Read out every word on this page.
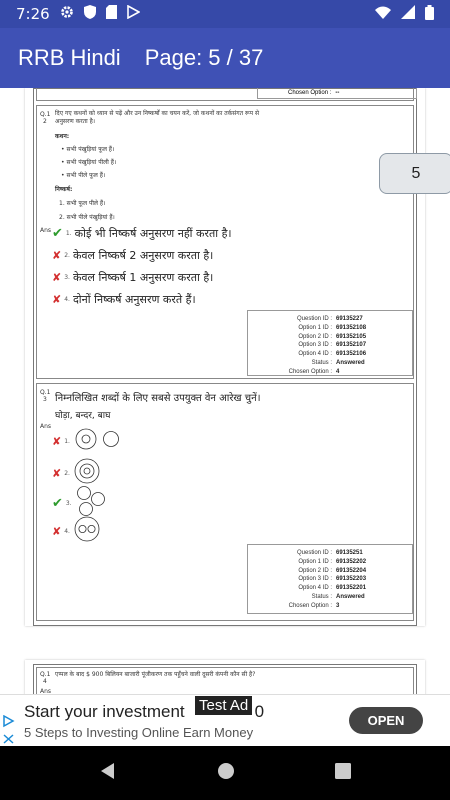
7:26
RRB Hindi Page: 5 / 37
Chosen Option : --
Q.1
2
दिए गए कथनों को ध्यान से पढ़ें और उन निष्कर्षों का चयन करें, जो कथनों का तर्कसंगत रूप से
अनुसरण करता है।
कथन:
• सभी पंखुड़ियां फूल हैं।
• सभी पंखुड़ियां पीली हैं।
• सभी पीले फूल हैं।
निष्कर्ष:
1. सभी फूल पीले हैं।
2. सभी पीले पंखुड़ियां हैं।
Ans ✔ 1. कोई भी निष्कर्ष अनुसरण नहीं करता है।
✘ 2. केवल निष्कर्ष 2 अनुसरण करता है।
✘ 3. केवल निष्कर्ष 1 अनुसरण करता है।
✘ 4. दोनों निष्कर्ष अनुसरण करते हैं।
Question ID : 69135227
Option 1 ID : 691352108
Option 2 ID : 691352105
Option 3 ID : 691352107
Option 4 ID : 691352106
Status : Answered
Chosen Option : 4
Q.1
3 निम्नलिखित शब्दों के लिए सबसे उपयुक्त वेन आरेख चुनें।
घोड़ा, बन्दर, बाघ
Ans
✘ 1.
✘ 2.
✔ 3.
✘ 4.
Question ID : 69135251
Option 1 ID : 691352202
Option 2 ID : 691352204
Option 3 ID : 691352203
Option 4 ID : 691352201
Status : Answered
Chosen Option : 3
Q.1
4
एप्पल के बाद $ 900 बिलियन बाजारी पूंजीकरण तक पहुँचने वाली दूसरी कंपनी कौन सी है?
Ans
5
Start your investment	0
5 Steps to Investing Online Earn Money
Test Ad
OPEN
